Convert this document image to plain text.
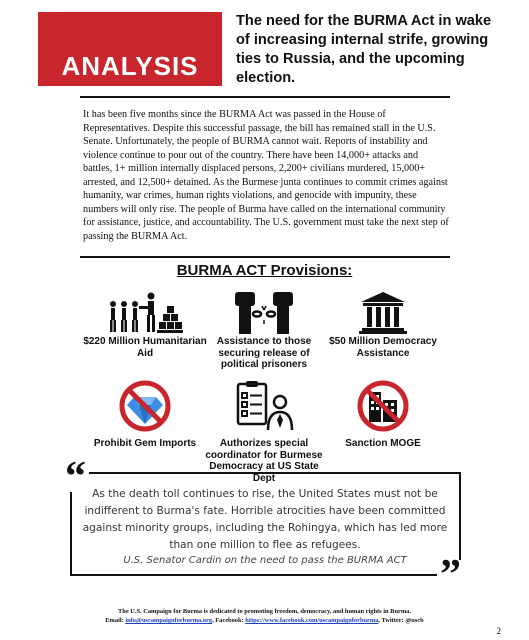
ANALYSIS
The need for the BURMA Act in wake of increasing internal strife, growing ties to Russia, and the upcoming election.
It has been five months since the BURMA Act was passed in the House of Representatives. Despite this successful passage, the bill has remained stall in the U.S. Senate. Unfortunately, the people of BURMA cannot wait. Reports of instability and violence continue to pour out of the country. There have been 14,000+ attacks and battles, 1+ million internally displaced persons, 2,200+ civilians murdered, 15,000+ arrested, and 12,500+ detained. As the Burmese junta continues to commit crimes against humanity, war crimes, human rights violations, and genocide with impunity, these numbers will only rise. The people of Burma have called on the international community for assistance, justice, and accountability. The U.S. government must take the next step of passing the BURMA Act.
BURMA ACT Provisions:
$220 Million Humanitarian Aid
Assistance to those securing release of political prisoners
$50 Million Democracy Assistance
Prohibit Gem Imports	Authorizes special coordinator for Burmese Democracy at US State Dept
Sanction MOGE
“
”
As the death toll continues to rise, the United States must not be indifferent to Burma's fate. Horrible atrocities have been committed against minority groups, including the Rohingya, which has led more than one million to flee as refugees.
U.S. Senator Cardin on the need to pass the BURMA ACT
The U.S. Campaign for Burma is dedicated to promoting freedom, democracy, and human rights in Burma.
Email: info@uscampaignforburma.org, Facebook: https://www.facebook.com/uscampaignforburma, Twitter: @uscb
2
